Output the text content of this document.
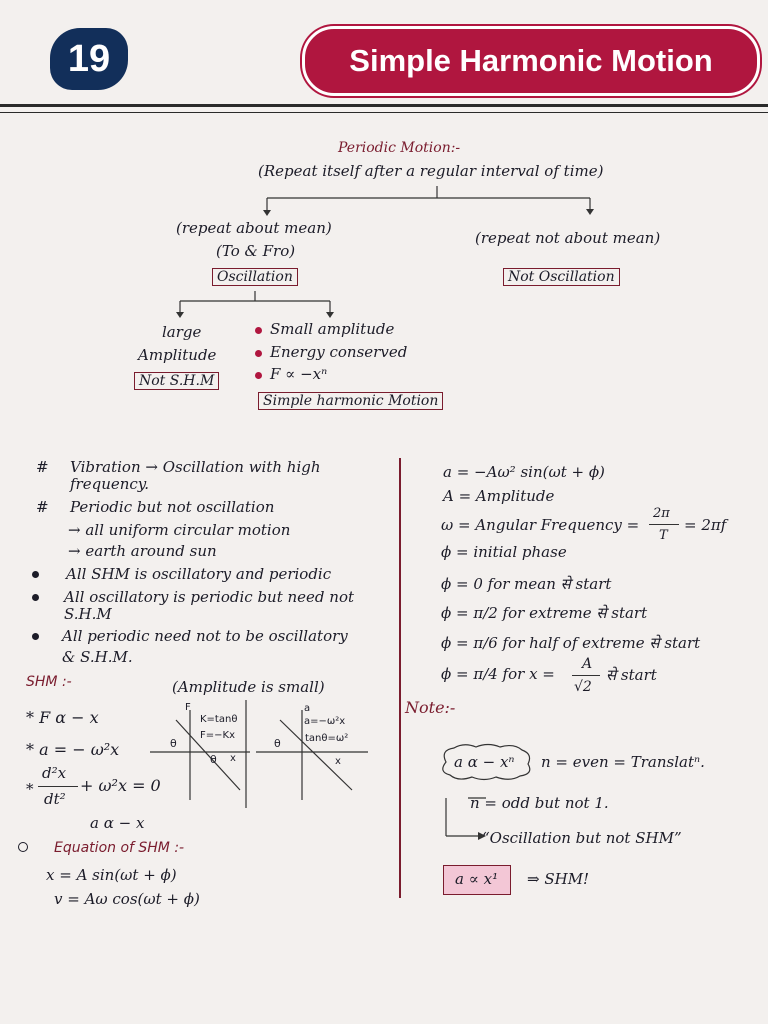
19	Simple Harmonic Motion
Periodic Motion:-
(Repeat itself after a regular interval of time)
(repeat about mean)
(To & Fro)
Oscillation
(repeat not about mean)
Not Oscillation
large
Amplitude
Not S.H.M
Small amplitude
Energy conserved
F ∝ −xⁿ
Simple harmonic Motion
# Vibration → Oscillation with high
frequency.
# Periodic but not oscillation
→ all uniform circular motion
→ earth around sun
All SHM is oscillatory and periodic
All oscillatory is periodic but need not
S.H.M
All periodic need not to be oscillatory
& S.H.M.
SHM :-	(Amplitude is small)
* F α − x
* a = − ω²x
*
d²x
dt²
+ ω²x = 0
a α − x
F
K=tanθ
F=−Kx
θ
θ x
a
a=−ω²x
tanθ=ω²
θ
x
Equation of SHM :-
x = A sin(ωt + ϕ)
v = Aω cos(ωt + ϕ)
a = −Aω² sin(ωt + ϕ)
A = Amplitude
ω = Angular Frequency =
2π
T
= 2πf
ϕ = initial phase
ϕ = 0 for mean से start
ϕ = π/2 for extreme से start
ϕ = π/6 for half of extreme से start
ϕ = π/4 for x =
A
√2
से start
Note:-
a α − xⁿ n = even = Translatⁿ.
n = odd but not 1.
“Oscillation but not SHM”
a ∝ x¹ ⇒ SHM!
